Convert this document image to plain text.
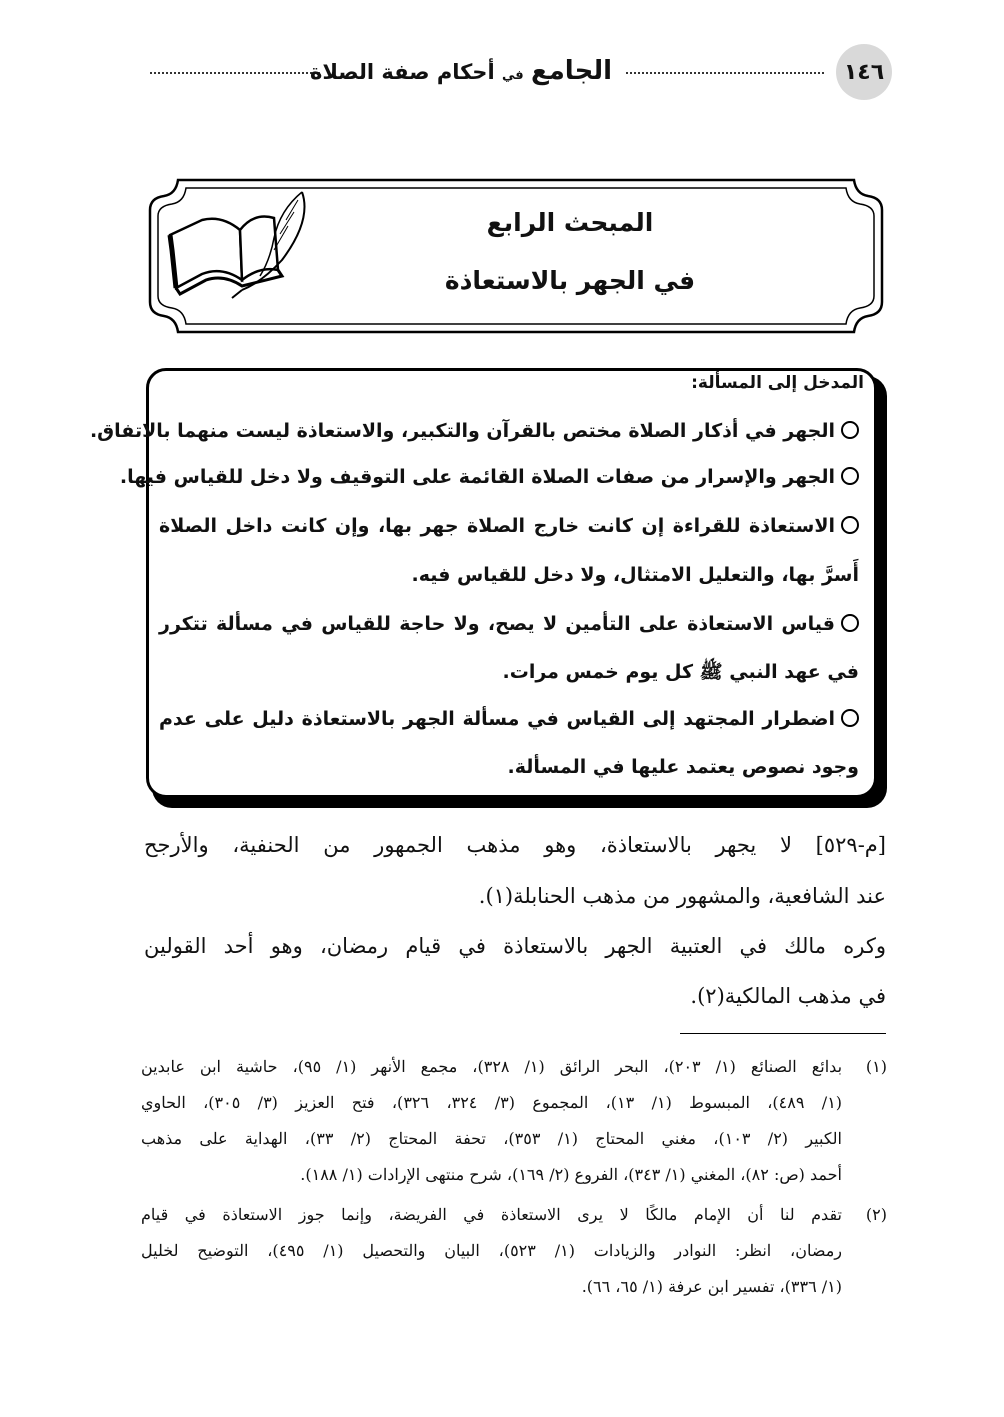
١٤٦
الجامع في أحكام صفة الصلاة
المبحث الرابع
في الجهر بالاستعاذة
المدخل إلى المسألة:
الجهر في أذكار الصلاة مختص بالقرآن والتكبير، والاستعاذة ليست منهما بالاتفاق.
الجهر والإسرار من صفات الصلاة القائمة على التوقيف ولا دخل للقياس فيها.
الاستعاذة للقراءة إن كانت خارج الصلاة جهر بها، وإن كانت داخل الصلاة
أَسرَّ بها، والتعليل الامتثال، ولا دخل للقياس فيه.
قياس الاستعاذة على التأمين لا يصح، ولا حاجة للقياس في مسألة تتكرر
في عهد النبي ﷺ كل يوم خمس مرات.
اضطرار المجتهد إلى القياس في مسألة الجهر بالاستعاذة دليل على عدم
وجود نصوص يعتمد عليها في المسألة.
[م-٥٢٩] لا يجهر بالاستعاذة، وهو مذهب الجمهور من الحنفية، والأرجح
عند الشافعية، والمشهور من مذهب الحنابلة(١).
وكره مالك في العتبية الجهر بالاستعاذة في قيام رمضان، وهو أحد القولين
في مذهب المالكية(٢).
(١)
بدائع الصنائع (١/ ٢٠٣)، البحر الرائق (١/ ٣٢٨)، مجمع الأنهر (١/ ٩٥)، حاشية ابن عابدين
(١/ ٤٨٩)، المبسوط (١/ ١٣)، المجموع (٣/ ٣٢٤، ٣٢٦)، فتح العزيز (٣/ ٣٠٥)، الحاوي
الكبير (٢/ ١٠٣)، مغني المحتاج (١/ ٣٥٣)، تحفة المحتاج (٢/ ٣٣)، الهداية على مذهب
أحمد (ص: ٨٢)، المغني (١/ ٣٤٣)، الفروع (٢/ ١٦٩)، شرح منتهى الإرادات (١/ ١٨٨).
(٢)
تقدم لنا أن الإمام مالكًا لا يرى الاستعاذة في الفريضة، وإنما جوز الاستعاذة في قيام
رمضان، انظر: النوادر والزيادات (١/ ٥٢٣)، البيان والتحصيل (١/ ٤٩٥)، التوضيح لخليل
(١/ ٣٣٦)، تفسير ابن عرفة (١/ ٦٥، ٦٦).
